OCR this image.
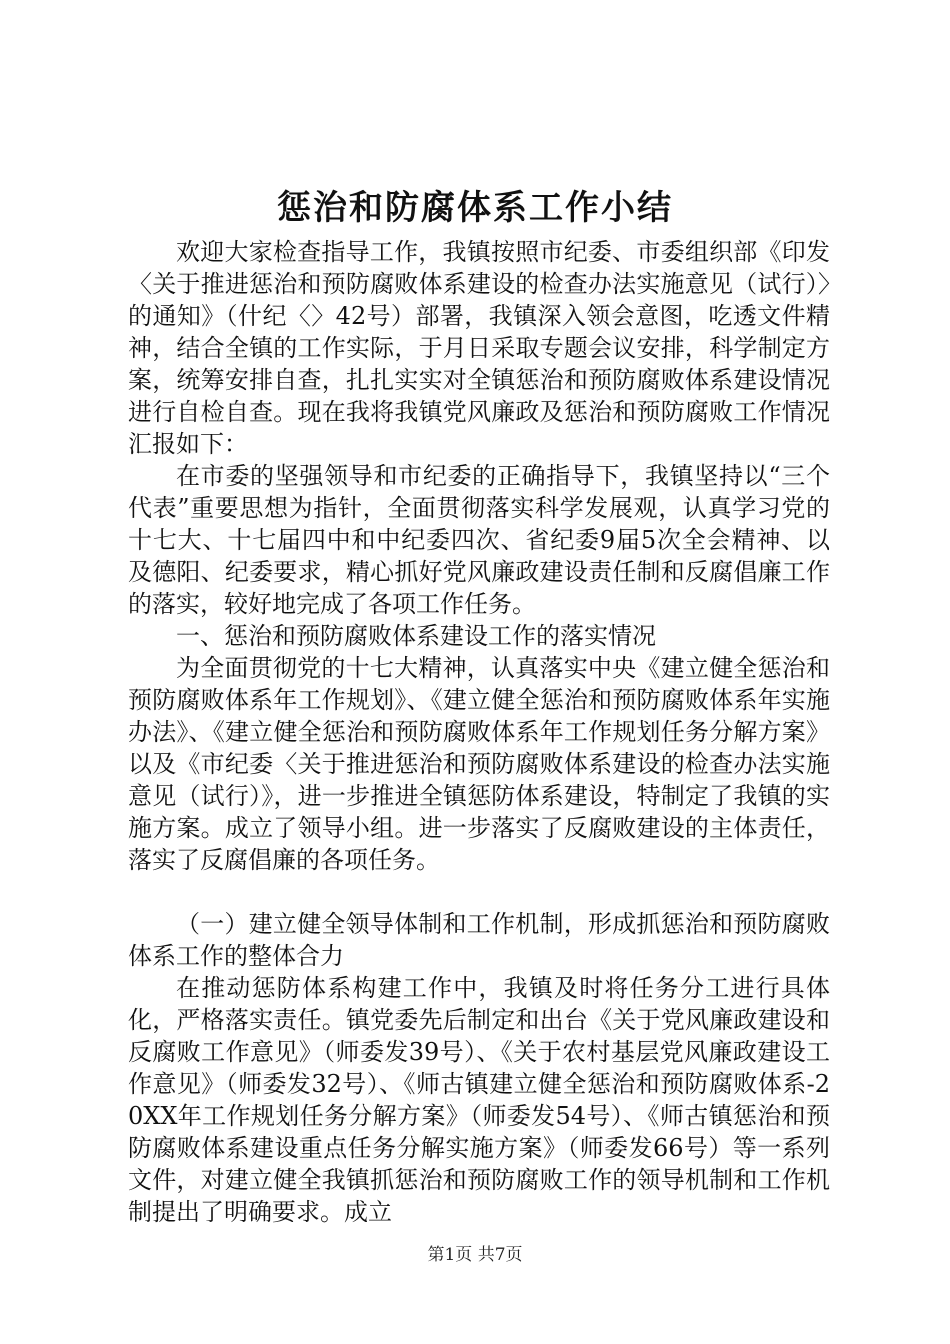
惩治和防腐体系工作小结

欢迎大家检查指导工作，我镇按照市纪委、市委组织部《印发〈关于推进惩治和预防腐败体系建设的检查办法实施意见（试行）〉的通知》（什纪〈〉42号）部署，我镇深入领会意图，吃透文件精神，结合全镇的工作实际，于月日采取专题会议安排，科学制定方案，统筹安排自查，扎扎实实对全镇惩治和预防腐败体系建设情况进行自检自查。现在我将我镇党风廉政及惩治和预防腐败工作情况汇报如下：

在市委的坚强领导和市纪委的正确指导下，我镇坚持以“三个代表”重要思想为指针，全面贯彻落实科学发展观，认真学习党的十七大、十七届四中和中纪委四次、省纪委9届5次全会精神、以及德阳、纪委要求，精心抓好党风廉政建设责任制和反腐倡廉工作的落实，较好地完成了各项工作任务。

一、惩治和预防腐败体系建设工作的落实情况

为全面贯彻党的十七大精神，认真落实中央《建立健全惩治和预防腐败体系年工作规划》、《建立健全惩治和预防腐败体系年实施办法》、《建立健全惩治和预防腐败体系年工作规划任务分解方案》以及《市纪委〈关于推进惩治和预防腐败体系建设的检查办法实施意见（试行）》，进一步推进全镇惩防体系建设，特制定了我镇的实施方案。成立了领导小组。进一步落实了反腐败建设的主体责任，落实了反腐倡廉的各项任务。

（一）建立健全领导体制和工作机制，形成抓惩治和预防腐败体系工作的整体合力

在推动惩防体系构建工作中，我镇及时将任务分工进行具体化，严格落实责任。镇党委先后制定和出台《关于党风廉政建设和反腐败工作意见》（师委发39号）、《关于农村基层党风廉政建设工作意见》（师委发32号）、《师古镇建立健全惩治和预防腐败体系-20XX年工作规划任务分解方案》（师委发54号）、《师古镇惩治和预防腐败体系建设重点任务分解实施方案》（师委发66号）等一系列文件，对建立健全我镇抓惩治和预防腐败工作的领导机制和工作机制提出了明确要求。成立

第1页 共7页
